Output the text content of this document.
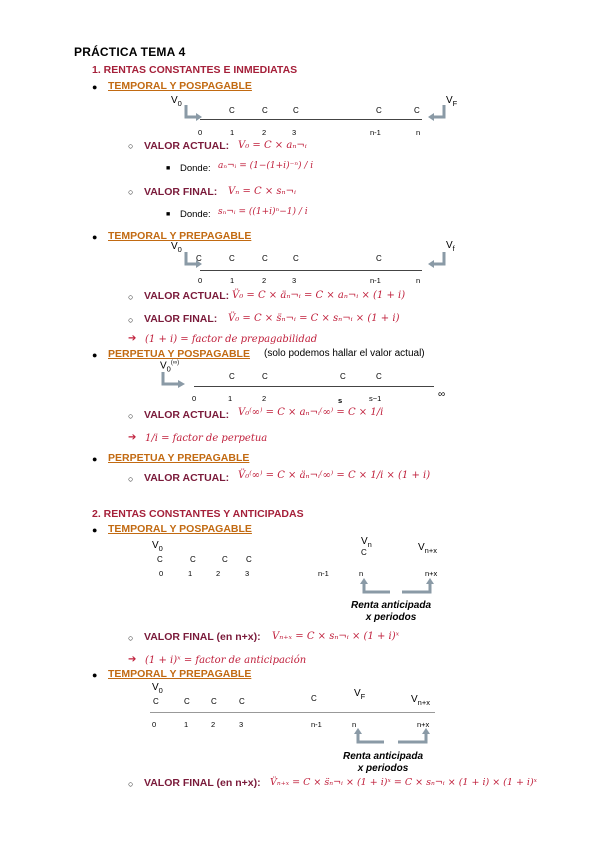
PRÁCTICA TEMA 4
1. RENTAS CONSTANTES E INMEDIATAS
● TEMPORAL Y POSPAGABLE
$V_0$	$V_F$
C	C	C	C	C
0	1	2	3	n-1	n
○ VALOR ACTUAL: V₀ = C × aₙ¬ᵢ
■ Donde: aₙ¬ᵢ = (1−(1+i)⁻ⁿ) / i
○ VALOR FINAL: Vₙ = C × sₙ¬ᵢ
■ Donde: sₙ¬ᵢ = ((1+i)ⁿ−1) / i
● TEMPORAL Y PREPAGABLE
$V_0$	$V_f$
C	C	C	C	C
0	1	2	3	n-1	n
○ VALOR ACTUAL: V̈₀ = C × äₙ¬ᵢ = C × aₙ¬ᵢ × (1 + i)
○ VALOR FINAL: V̈₀ = C × s̈ₙ¬ᵢ = C × sₙ¬ᵢ × (1 + i)
➔ (1 + i) = factor de prepagabilidad
● PERPETUA Y POSPAGABLE (solo podemos hallar el valor actual)
$V_0^{(\infty)}$
C	C	C	C
0	1	2	s	s−1	∞
○ VALOR ACTUAL: V₀⁽∞⁾ = C × aₙ¬ᵢ⁽∞⁾ = C × 1/i
➔ 1/i = factor de perpetua
● PERPETUA Y PREPAGABLE
○ VALOR ACTUAL: V̈₀⁽∞⁾ = C × äₙ¬ᵢ⁽∞⁾ = C × 1/i × (1 + i)
2. RENTAS CONSTANTES Y ANTICIPADAS
● TEMPORAL Y POSPAGABLE
$V_0$
$V_n$	$V_{n+x}$
C	C	C C
C
0	1	2	3	n-1	n	n+x
Renta anticipada
x periodos
○ VALOR FINAL (en n+x): Vₙ₊ₓ = C × sₙ¬ᵢ × (1 + i)ˣ
➔ (1 + i)ˣ = factor de anticipación
● TEMPORAL Y PREPAGABLE
$V_0$	$V_F$	$V_{n+x}$
C	C	C	C	C
0	1	2	3	n-1	n	n+x
Renta anticipada
x periodos
○ VALOR FINAL (en n+x): V̈ₙ₊ₓ = C × s̈ₙ¬ᵢ × (1 + i)ˣ = C × sₙ¬ᵢ × (1 + i) × (1 + i)ˣ
